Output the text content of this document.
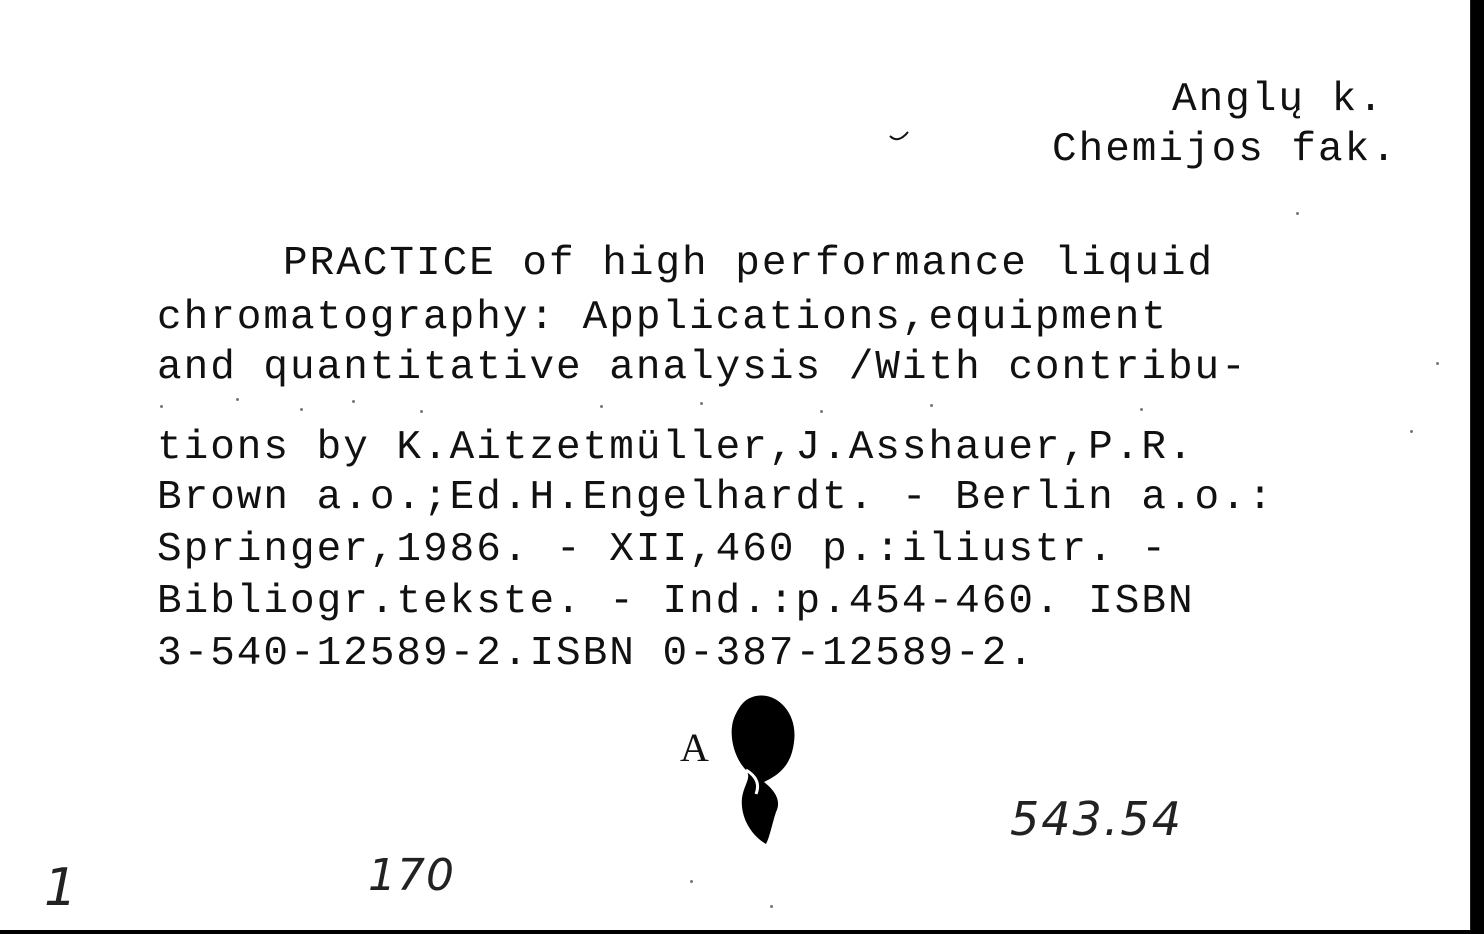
Anglų k.
Chemijos fak.
PRACTICE of high performance liquid
chromatography: Applications,equipment
and quantitative analysis /With contribu-
tions by K.Aitzetmüller,J.Asshauer,P.R.
Brown a.o.;Ed.H.Engelhardt. - Berlin a.o.:
Springer,1986. - XII,460 p.:iliustr. -
Bibliogr.tekste. - Ind.:p.454-460. ISBN
3-540-12589-2.ISBN 0-387-12589-2.
A
543.54
170
1
